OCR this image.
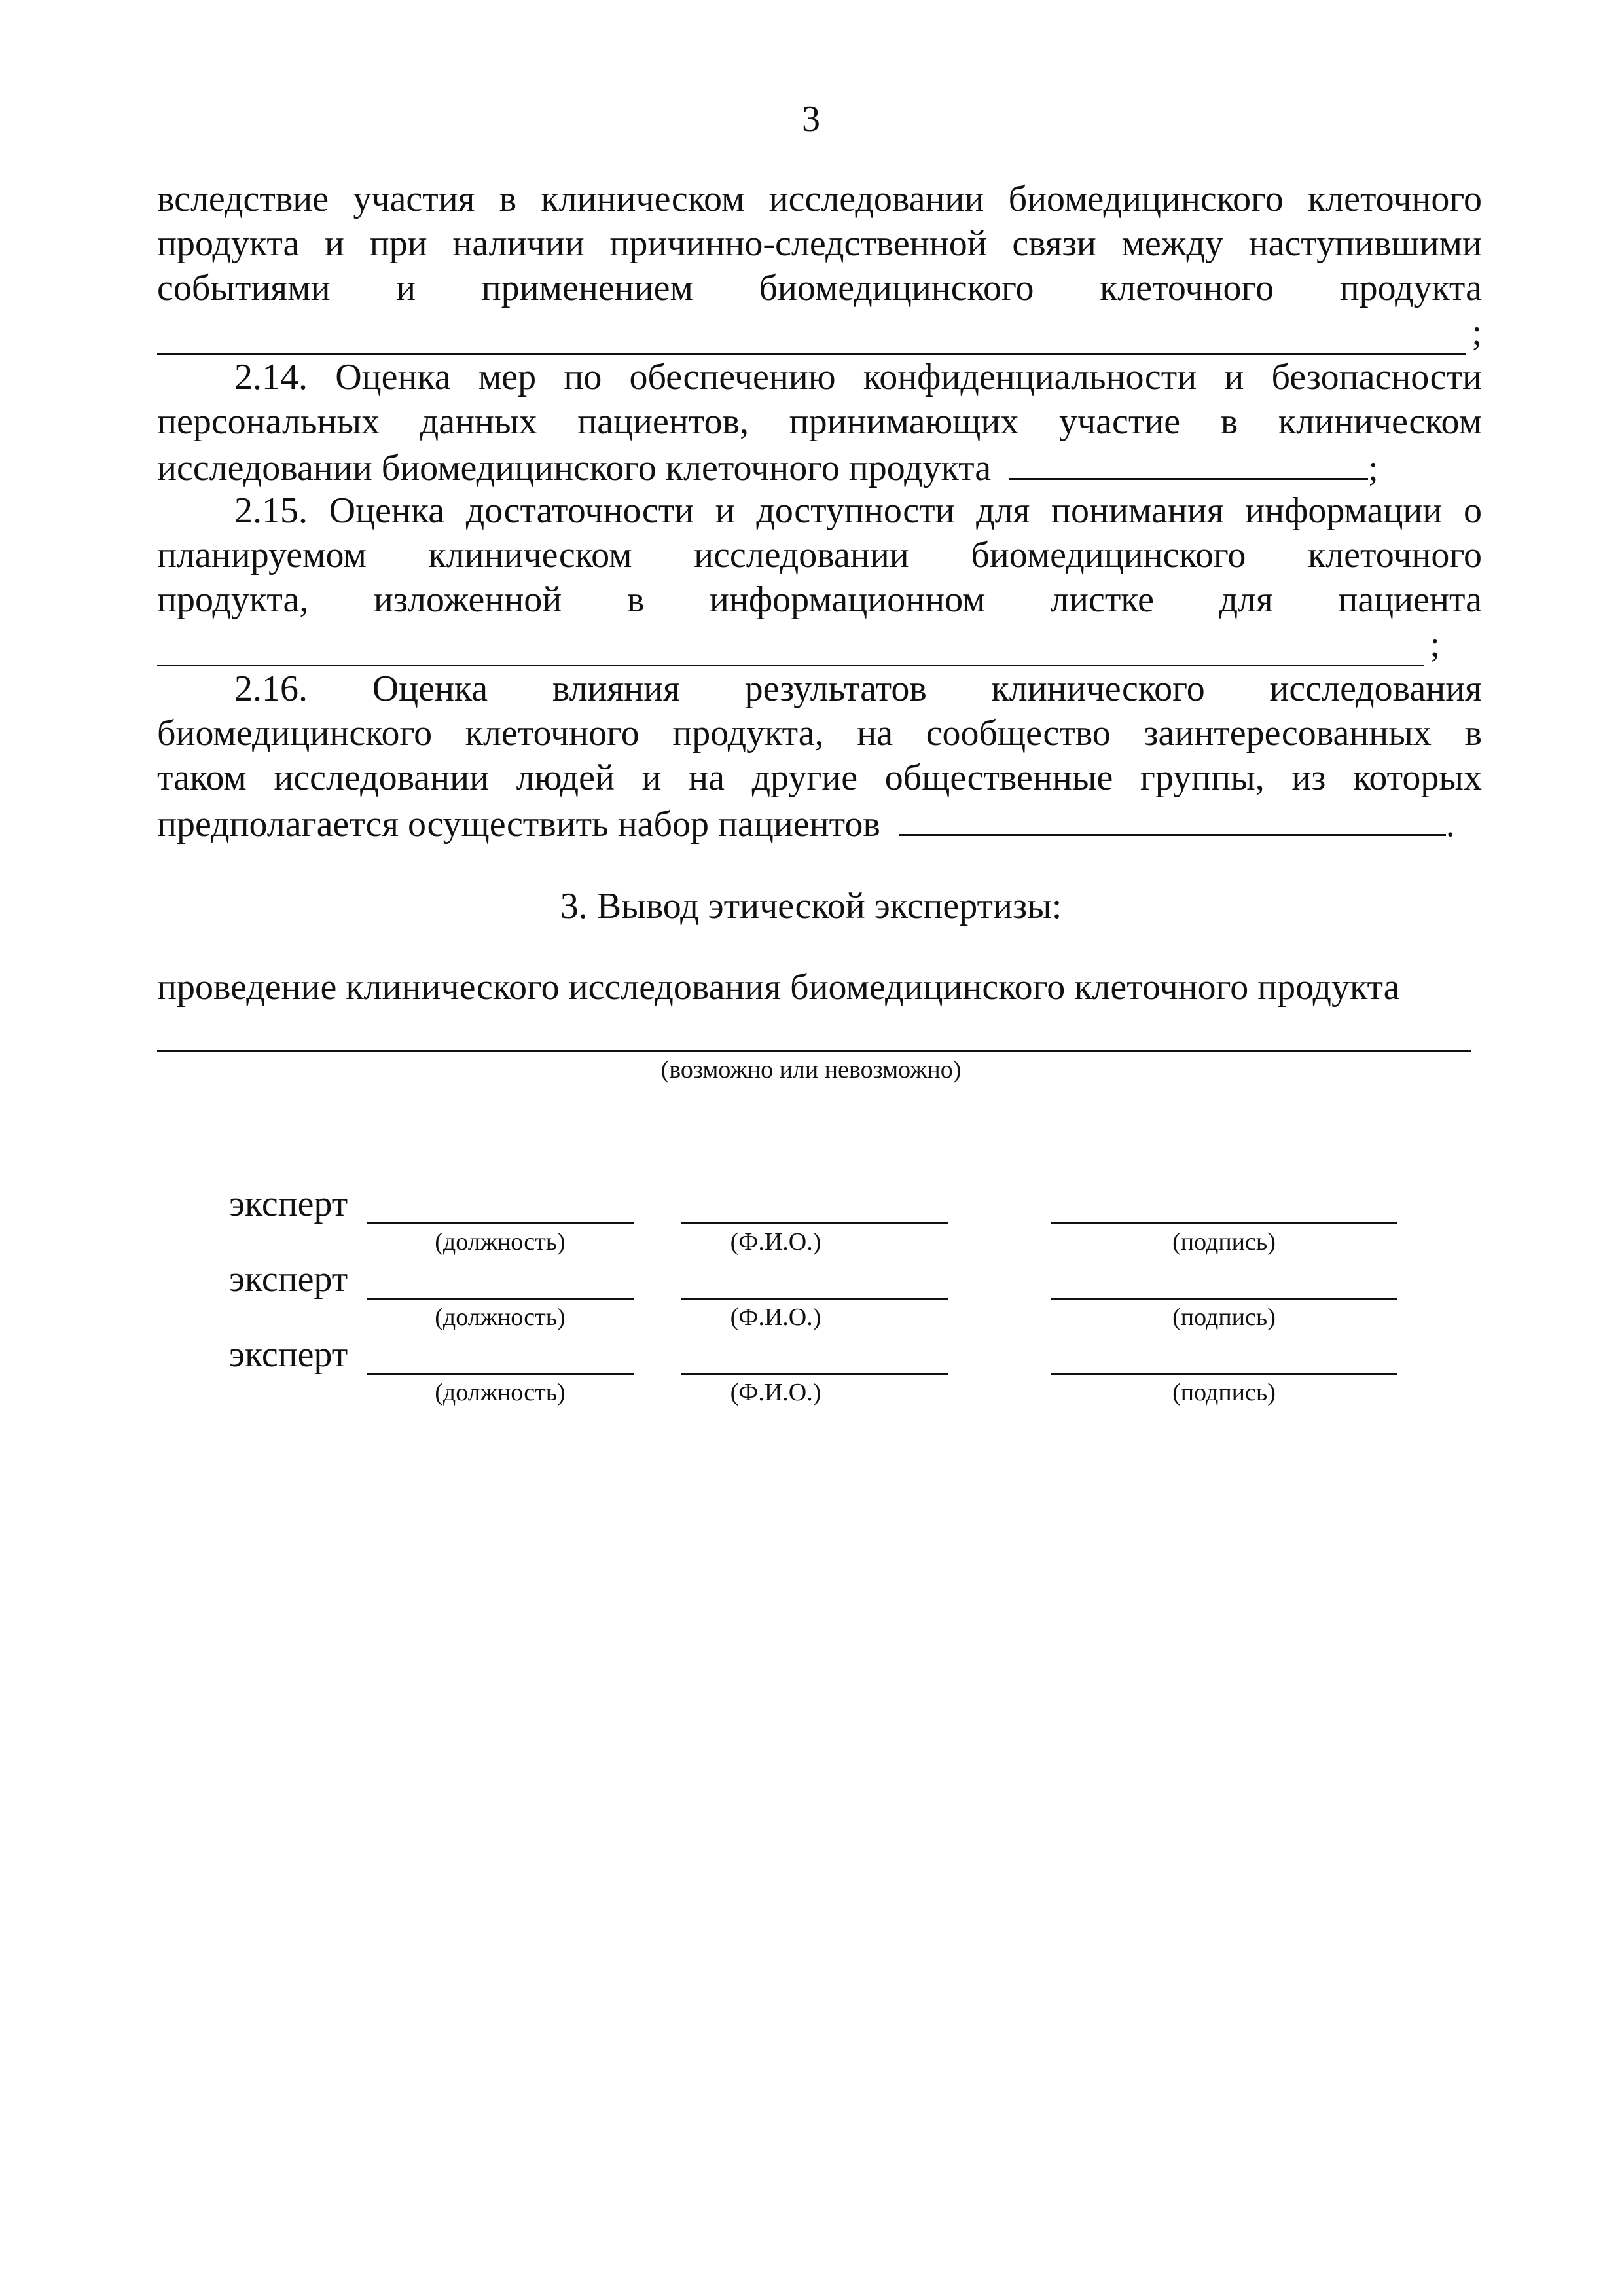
3
вследствие участия в клиническом исследовании биомедицинского клеточного
продукта и при наличии причинно-следственной связи между наступившими
событиями и применением биомедицинского клеточного продукта
;
2.14. Оценка мер по обеспечению конфиденциальности и безопасности
персональных данных пациентов, принимающих участие в клиническом
исследовании биомедицинского клеточного продукта	;
2.15. Оценка достаточности и доступности для понимания информации о
планируемом клиническом исследовании биомедицинского клеточного
продукта, изложенной в информационном листке для пациента
;
2.16. Оценка влияния результатов клинического исследования
биомедицинского клеточного продукта, на сообщество заинтересованных в
таком исследовании людей и на другие общественные группы, из которых
предполагается осуществить набор пациентов	.
3. Вывод этической экспертизы:
проведение клинического исследования биомедицинского клеточного продукта
(возможно или невозможно)
эксперт
(должность)	(Ф.И.О.)	(подпись)
эксперт
(должность)	(Ф.И.О.)	(подпись)
эксперт
(должность)	(Ф.И.О.)	(подпись)
